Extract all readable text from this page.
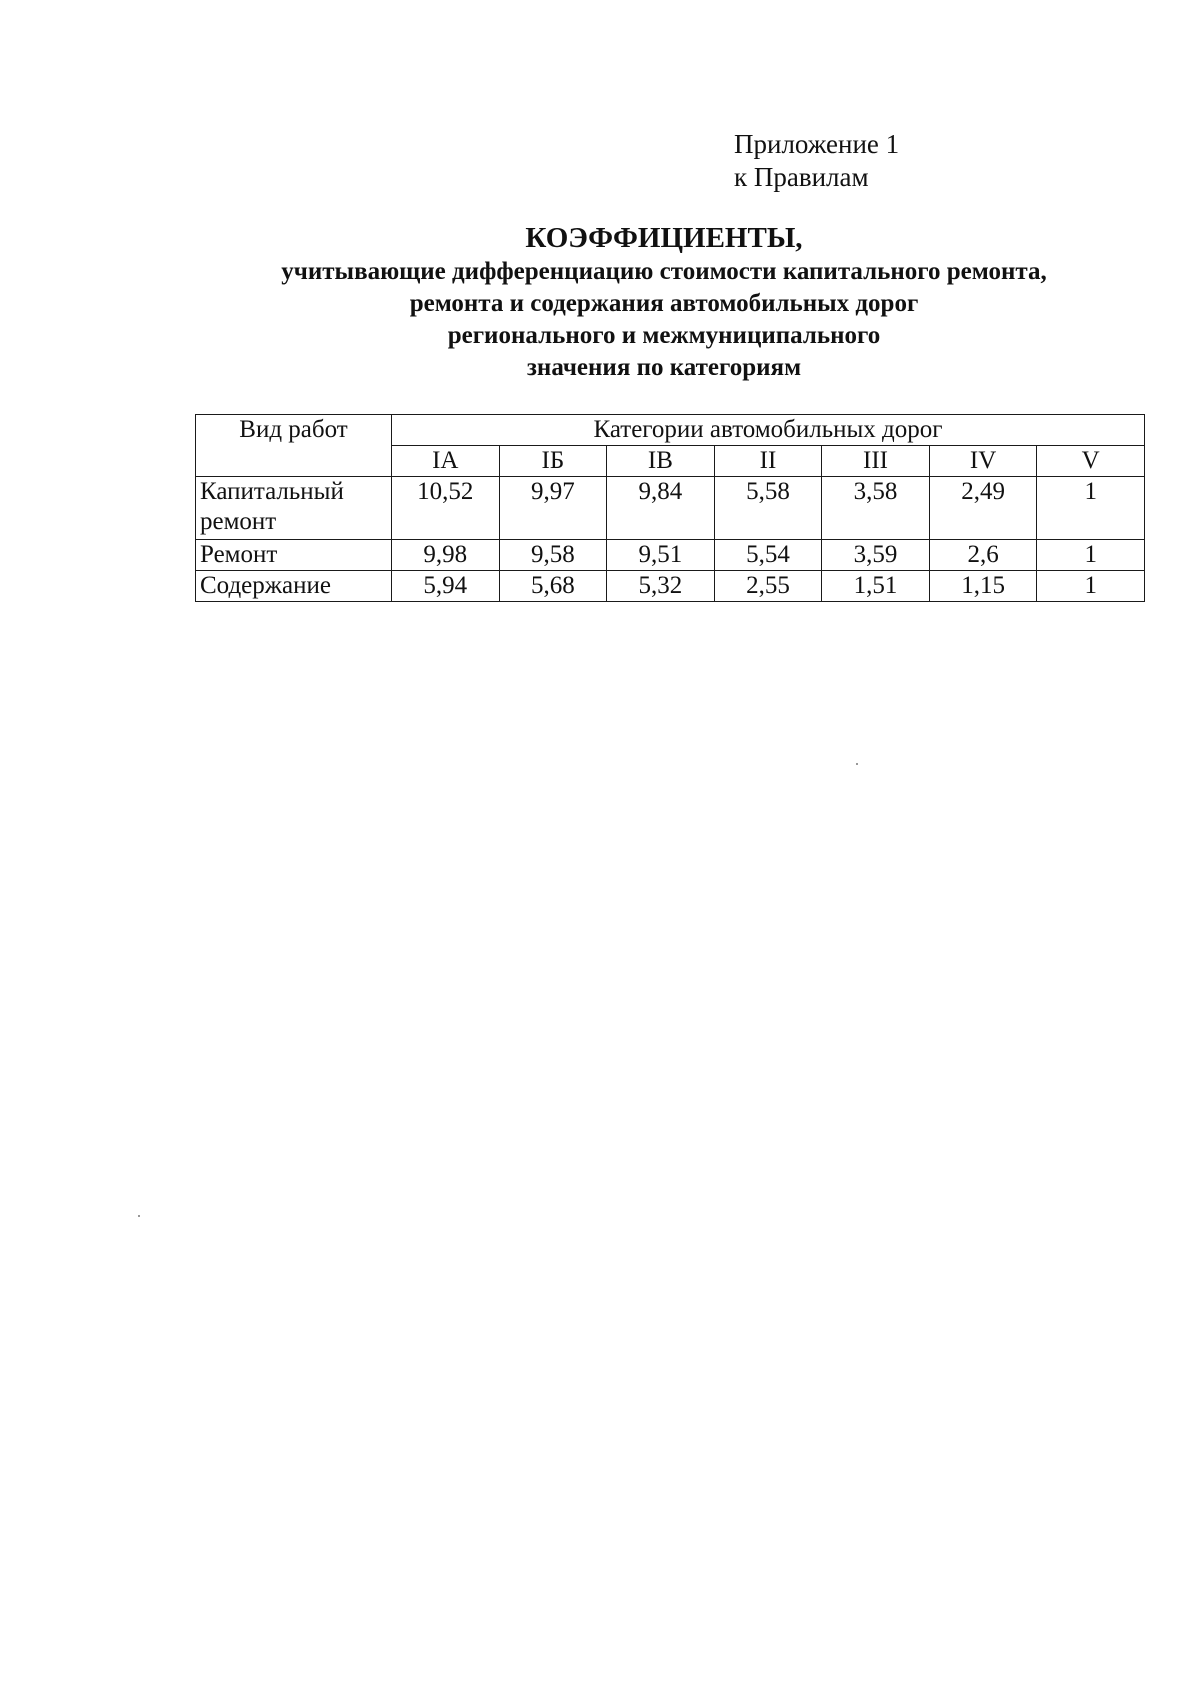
Приложение 1
к Правилам
КОЭФФИЦИЕНТЫ,
учитывающие дифференциацию стоимости капитального ремонта,
ремонта и содержания автомобильных дорог
регионального и межмуниципального
значения по категориям
Вид работ	Категории автомобильных дорог						
	IA	IБ	IB	II	III	IV	V

Капитальный
ремонт	10,52	9,97	9,84	5,58	3,58	2,49	1
Ремонт	9,98	9,58	9,51	5,54	3,59	2,6	1
Содержание	5,94	5,68	5,32	2,55	1,51	1,15	1
